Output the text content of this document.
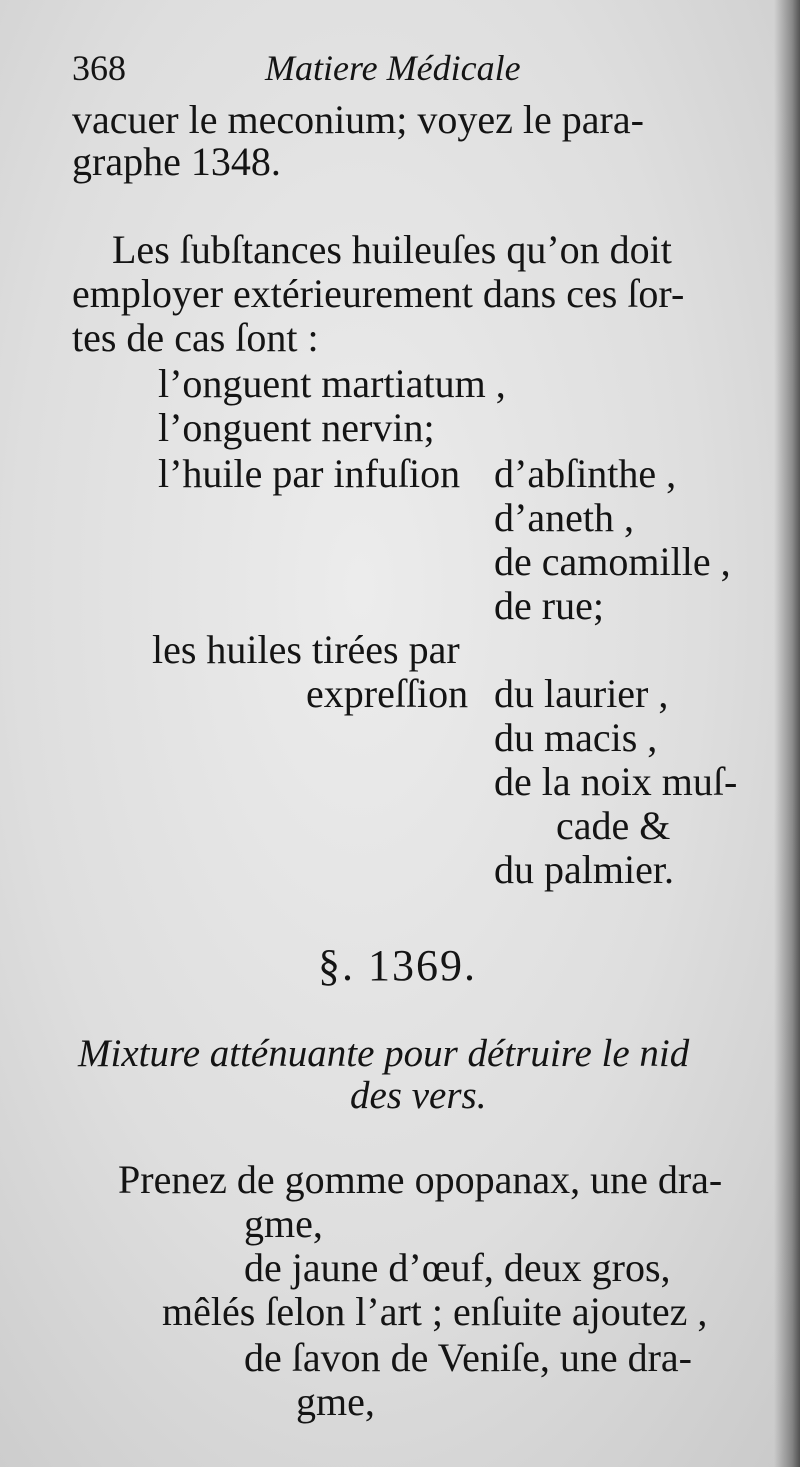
368	Matiere Médicale
vacuer le meconium; voyez le para-
graphe 1348.
Les ſubſtances huileuſes qu’on doit
employer extérieurement dans ces ſor-
tes de cas ſont :
l’onguent martiatum ,
l’onguent nervin;
l’huile par infuſion d’abſinthe ,
d’aneth ,
de camomille ,
de rue;
les huiles tirées par
expreſſion du laurier ,
du macis ,
de la noix muſ-
cade &
du palmier.
§. 1369.
Mixture atténuante pour détruire le nid
des vers.
Prenez de gomme opopanax, une dra-
gme,
de jaune d’œuf, deux gros,
mêlés ſelon l’art ; enſuite ajoutez ,
de ſavon de Veniſe, une dra-
gme,
